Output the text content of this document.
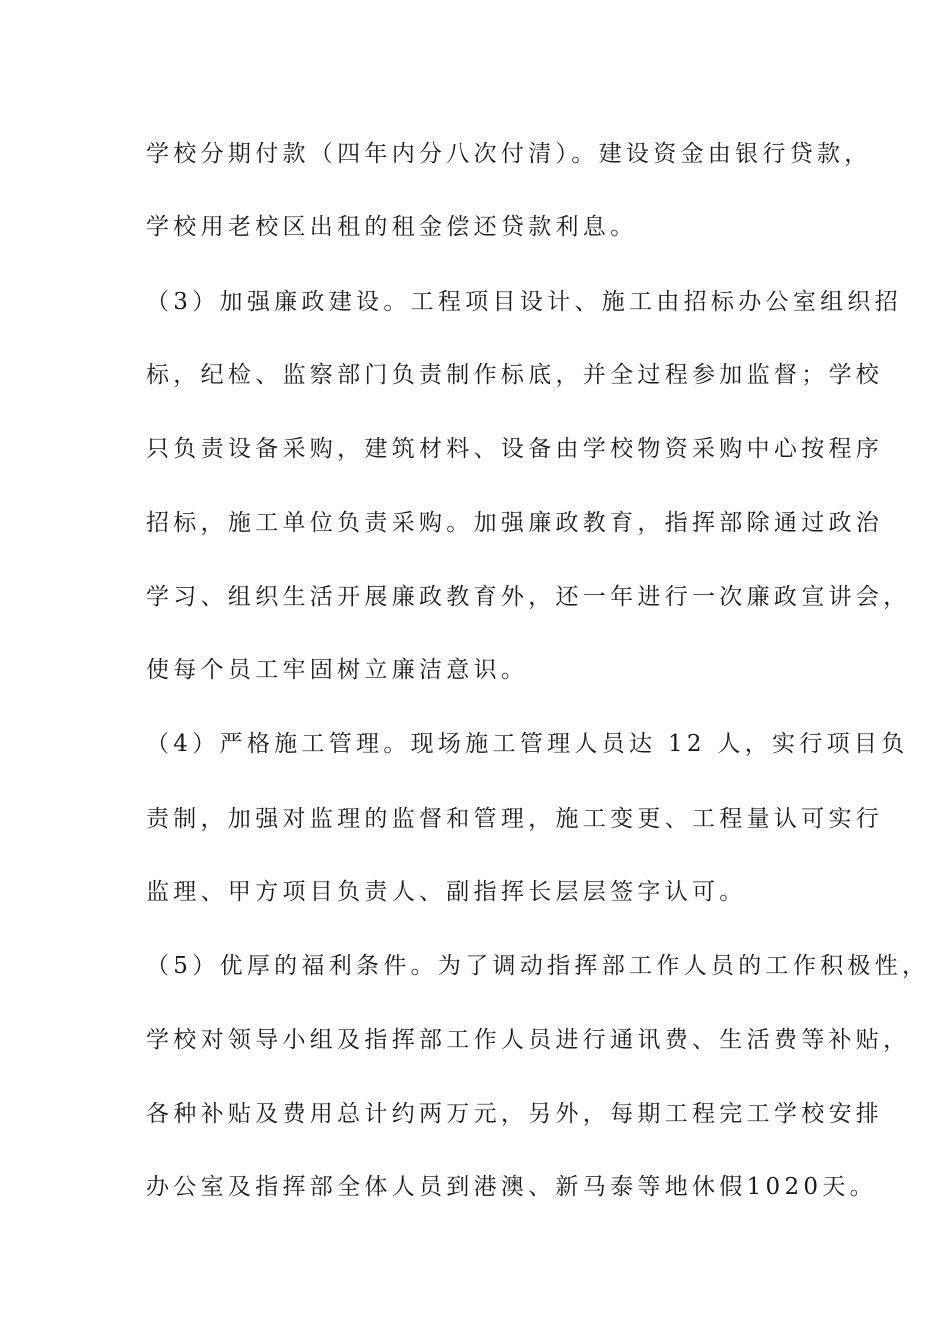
学校分期付款（四年内分八次付清）。建设资金由银行贷款，
学校用老校区出租的租金偿还贷款利息。
（3）加强廉政建设。工程项目设计、施工由招标办公室组织招
标，纪检、监察部门负责制作标底，并全过程参加监督；学校
只负责设备采购，建筑材料、设备由学校物资采购中心按程序
招标，施工单位负责采购。加强廉政教育，指挥部除通过政治
学习、组织生活开展廉政教育外，还一年进行一次廉政宣讲会，
使每个员工牢固树立廉洁意识。
（4）严格施工管理。现场施工管理人员达 12 人，实行项目负
责制，加强对监理的监督和管理，施工变更、工程量认可实行
监理、甲方项目负责人、副指挥长层层签字认可。
（5）优厚的福利条件。为了调动指挥部工作人员的工作积极性，
学校对领导小组及指挥部工作人员进行通讯费、生活费等补贴，
各种补贴及费用总计约两万元，另外，每期工程完工学校安排
办公室及指挥部全体人员到港澳、新马泰等地休假1020天。
